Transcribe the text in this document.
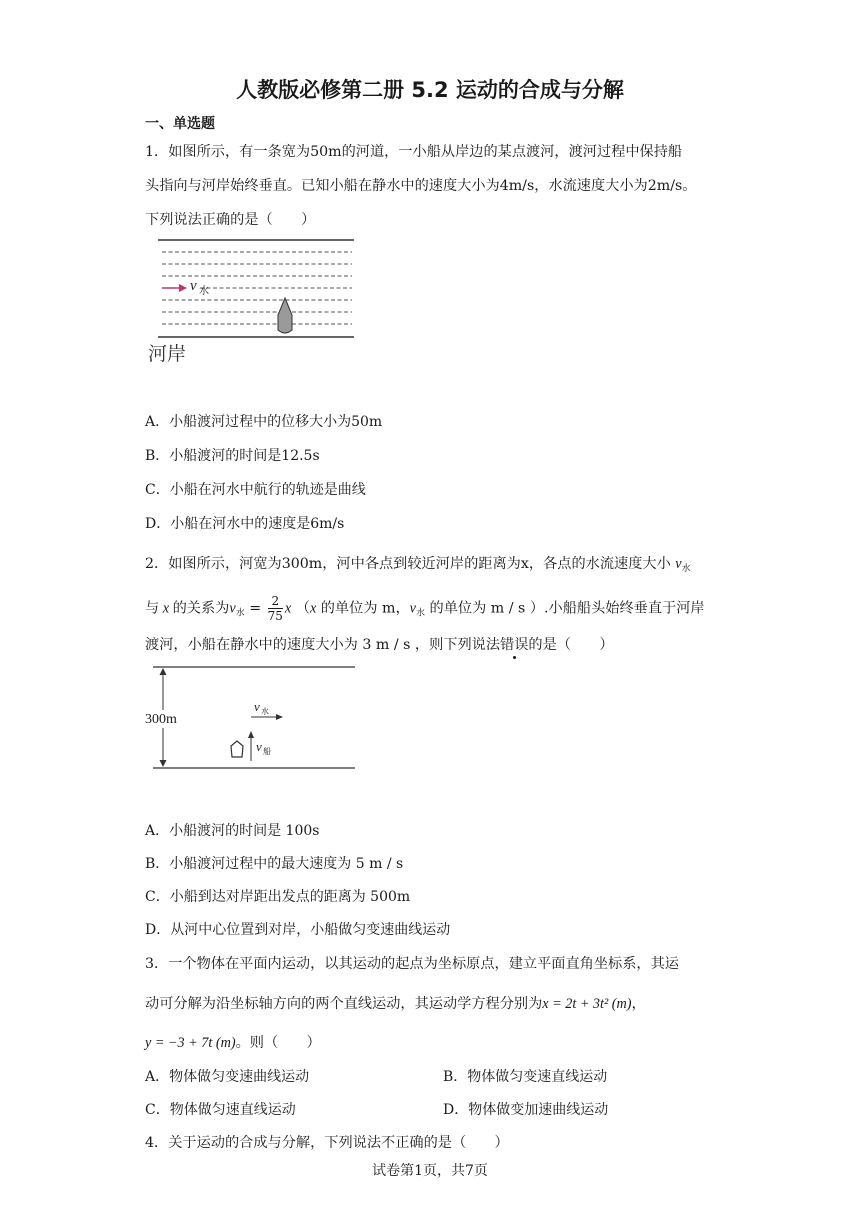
人教版必修第二册 5.2 运动的合成与分解
一、单选题
1．如图所示，有一条宽为50m的河道，一小船从岸边的某点渡河，渡河过程中保持船
头指向与河岸始终垂直。已知小船在静水中的速度大小为4m/s，水流速度大小为2m/s。
下列说法正确的是（　　）
v 水
河岸
A．小船渡河过程中的位移大小为50m
B．小船渡河的时间是12.5s
C．小船在河水中航行的轨迹是曲线
D．小船在河水中的速度是6m/s
2．如图所示，河宽为300m，河中各点到较近河岸的距离为x，各点的水流速度大小 $v_水$
与 x 的关系为$v_水 = \frac{2}{75}$ x （x 的单位为 m，$v_水$ 的单位为 m / s ）.小船船头始终垂直于河岸
渡河，小船在静水中的速度大小为 3 m / s ，则下列说法错误的是（　　）
300m
v 水
v 船
A．小船渡河的时间是 100s
B．小船渡河过程中的最大速度为 5 m / s
C．小船到达对岸距出发点的距离为 500m
D．从河中心位置到对岸，小船做匀变速曲线运动
3．一个物体在平面内运动，以其运动的起点为坐标原点，建立平面直角坐标系，其运
动可分解为沿坐标轴方向的两个直线运动，其运动学方程分别为x = 2t + 3t² (m)，
y = −3 + 7t (m)。则（　　）
A．物体做匀变速曲线运动	B．物体做匀变速直线运动
C．物体做匀速直线运动	D．物体做变加速曲线运动
4．关于运动的合成与分解，下列说法不正确的是（　　）
试卷第1页，共7页
